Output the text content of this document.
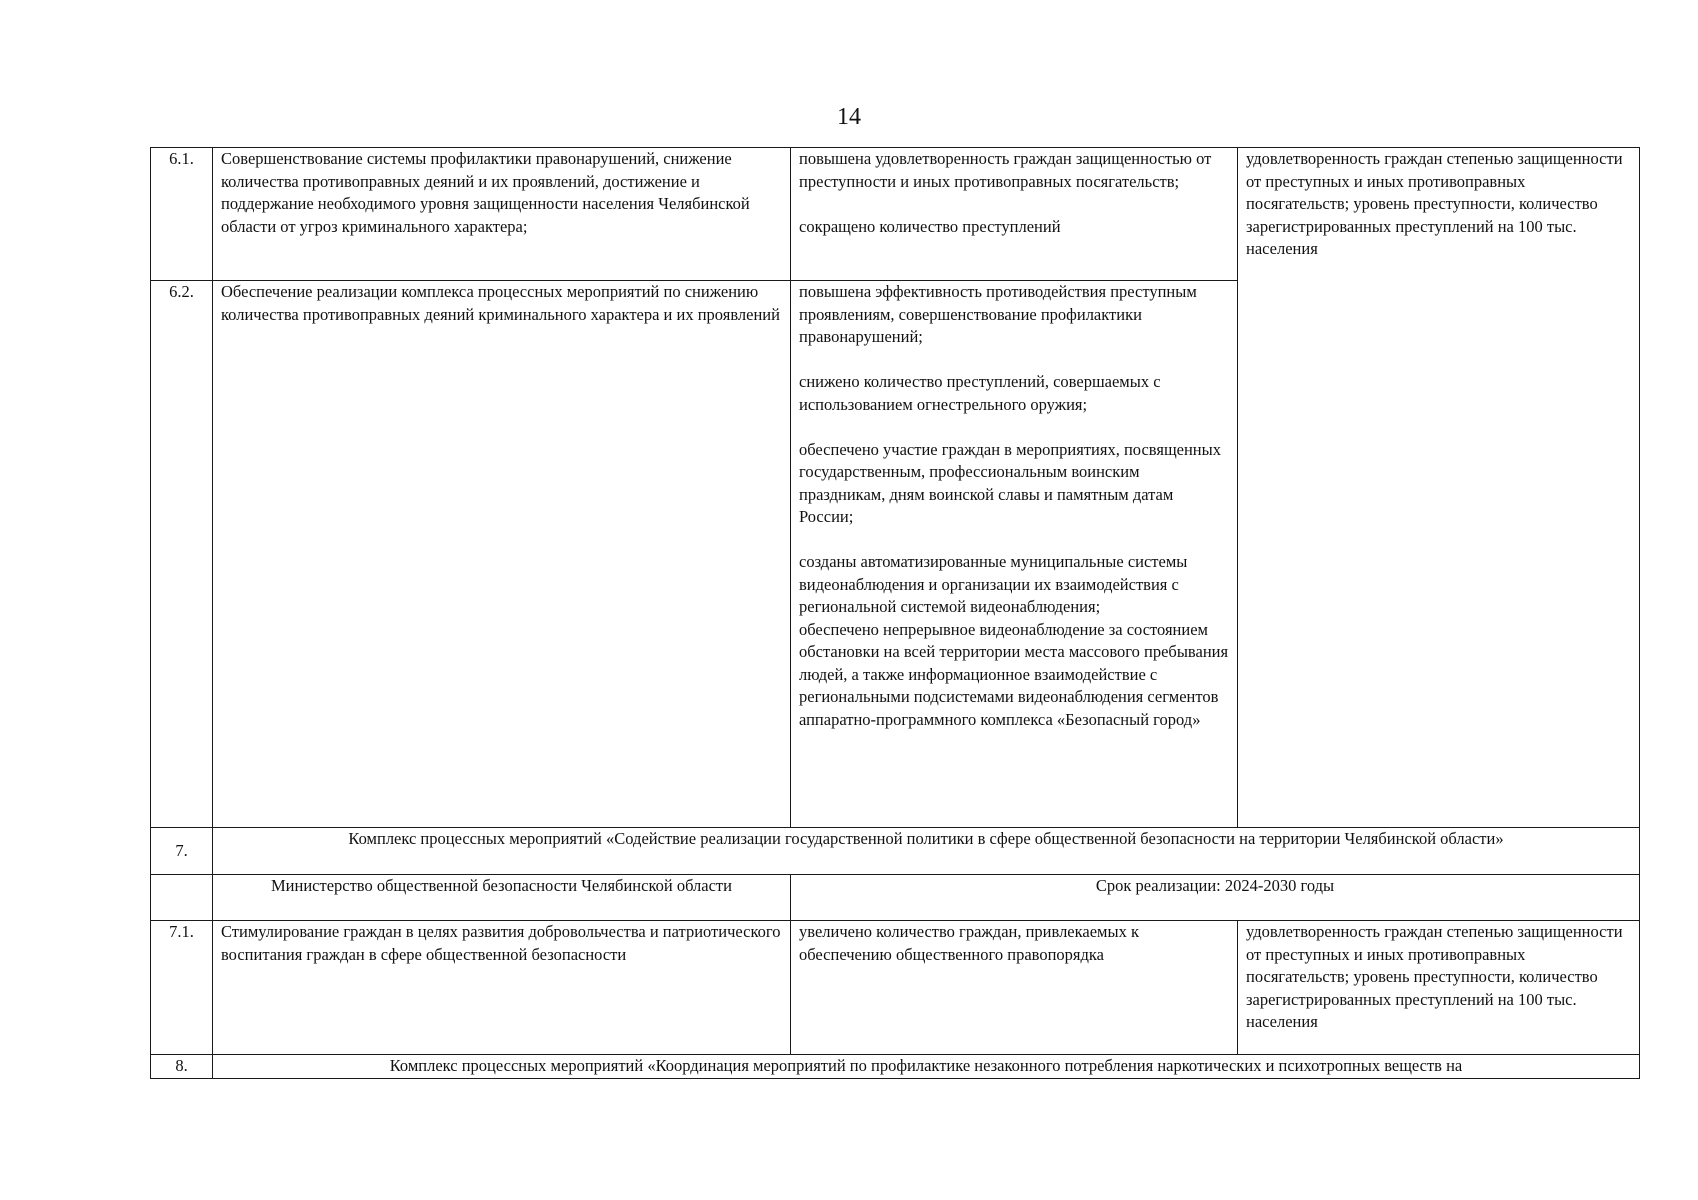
14
6.1.	Совершенствование системы профилактики правонарушений, снижение количества противоправных деяний и их проявлений, достижение и поддержание необходимого уровня защищенности населения Челябинской области от угроз криминального характера;	повышена удовлетворенность граждан защищенностью от преступности и иных противоправных посягательств;
сокращено количество преступлений	удовлетворенность граждан степенью защищенности от преступных и иных противоправных посягательств; уровень преступности, количество зарегистрированных преступлений на 100 тыс. населения
6.2.	Обеспечение реализации комплекса процессных мероприятий по снижению количества противоправных деяний криминального характера и их проявлений	повышена эффективность противодействия преступным проявлениям, совершенствование профилактики правонарушений;
снижено количество преступлений, совершаемых с использованием огнестрельного оружия;
обеспечено участие граждан в мероприятиях, посвященных государственным, профессиональным воинским праздникам, дням воинской славы и памятным датам России;
созданы автоматизированные муниципальные системы видеонаблюдения и организации их взаимодействия с региональной системой видеонаблюдения;
обеспечено непрерывное видеонаблюдение за состоянием обстановки на всей территории места массового пребывания людей, а также информационное взаимодействие с региональными подсистемами видеонаблюдения сегментов аппаратно-программного комплекса «Безопасный город»	

7.	Комплекс процессных мероприятий «Содействие реализации государственной политики в сфере общественной безопасности на территории Челябинской области»		
	Министерство общественной безопасности Челябинской области	Срок реализации: 2024-2030 годы	
7.1.	Стимулирование граждан в целях развития добровольчества и патриотического воспитания граждан в сфере общественной безопасности	увеличено количество граждан, привлекаемых к обеспечению общественного правопорядка	удовлетворенность граждан степенью защищенности от преступных и иных противоправных посягательств; уровень преступности, количество зарегистрированных преступлений на 100 тыс. населения
8.	Комплекс процессных мероприятий «Координация мероприятий по профилактике незаконного потребления наркотических и психотропных веществ на		
